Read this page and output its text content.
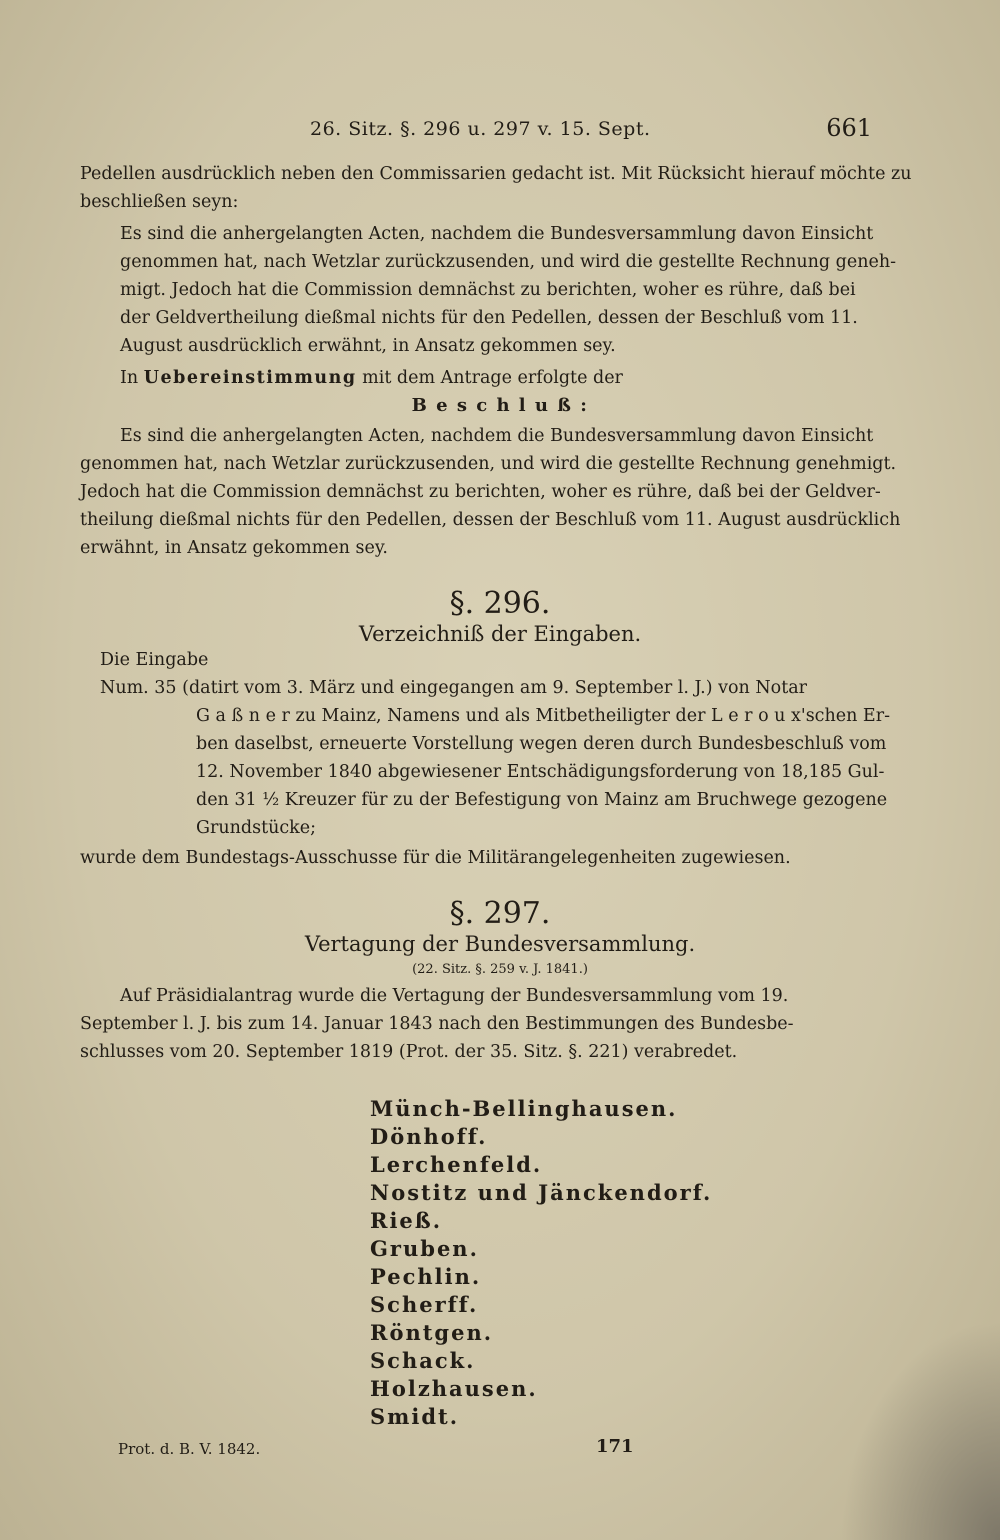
26. Sitz. §. 296 u. 297 v. 15. Sept.	661
Pedellen ausdrücklich neben den Commissarien gedacht ist. Mit Rücksicht hierauf möchte zu
beschließen seyn:
Es sind die anhergelangten Acten, nachdem die Bundesversammlung davon Einsicht
genommen hat, nach Wetzlar zurückzusenden, und wird die gestellte Rechnung geneh-
migt. Jedoch hat die Commission demnächst zu berichten, woher es rühre, daß bei
der Geldvertheilung dießmal nichts für den Pedellen, dessen der Beschluß vom 11.
August ausdrücklich erwähnt, in Ansatz gekommen sey.
In Uebereinstimmung mit dem Antrage erfolgte der
B e s c h l u ß :
Es sind die anhergelangten Acten, nachdem die Bundesversammlung davon Einsicht
genommen hat, nach Wetzlar zurückzusenden, und wird die gestellte Rechnung genehmigt.
Jedoch hat die Commission demnächst zu berichten, woher es rühre, daß bei der Geldver-
theilung dießmal nichts für den Pedellen, dessen der Beschluß vom 11. August ausdrücklich
erwähnt, in Ansatz gekommen sey.
§. 296.
Verzeichniß der Eingaben.
Die Eingabe
Num. 35 (datirt vom 3. März und eingegangen am 9. September l. J.) von Notar
G a ß n e r zu Mainz, Namens und als Mitbetheiligter der L e r o u x'schen Er-
ben daselbst, erneuerte Vorstellung wegen deren durch Bundesbeschluß vom
12. November 1840 abgewiesener Entschädigungsforderung von 18,185 Gul-
den 31 ½ Kreuzer für zu der Befestigung von Mainz am Bruchwege gezogene
Grundstücke;
wurde dem Bundestags-Ausschusse für die Militärangelegenheiten zugewiesen.
§. 297.
Vertagung der Bundesversammlung.
(22. Sitz. §. 259 v. J. 1841.)
Auf Präsidialantrag wurde die Vertagung der Bundesversammlung vom 19.
September l. J. bis zum 14. Januar 1843 nach den Bestimmungen des Bundesbe-
schlusses vom 20. September 1819 (Prot. der 35. Sitz. §. 221) verabredet.
Münch-Bellinghausen.
Dönhoff.
Lerchenfeld.
Nostitz und Jänckendorf.
Rieß.
Gruben.
Pechlin.
Scherff.
Röntgen.
Schack.
Holzhausen.
Smidt.
Prot. d. B. V. 1842.	171
